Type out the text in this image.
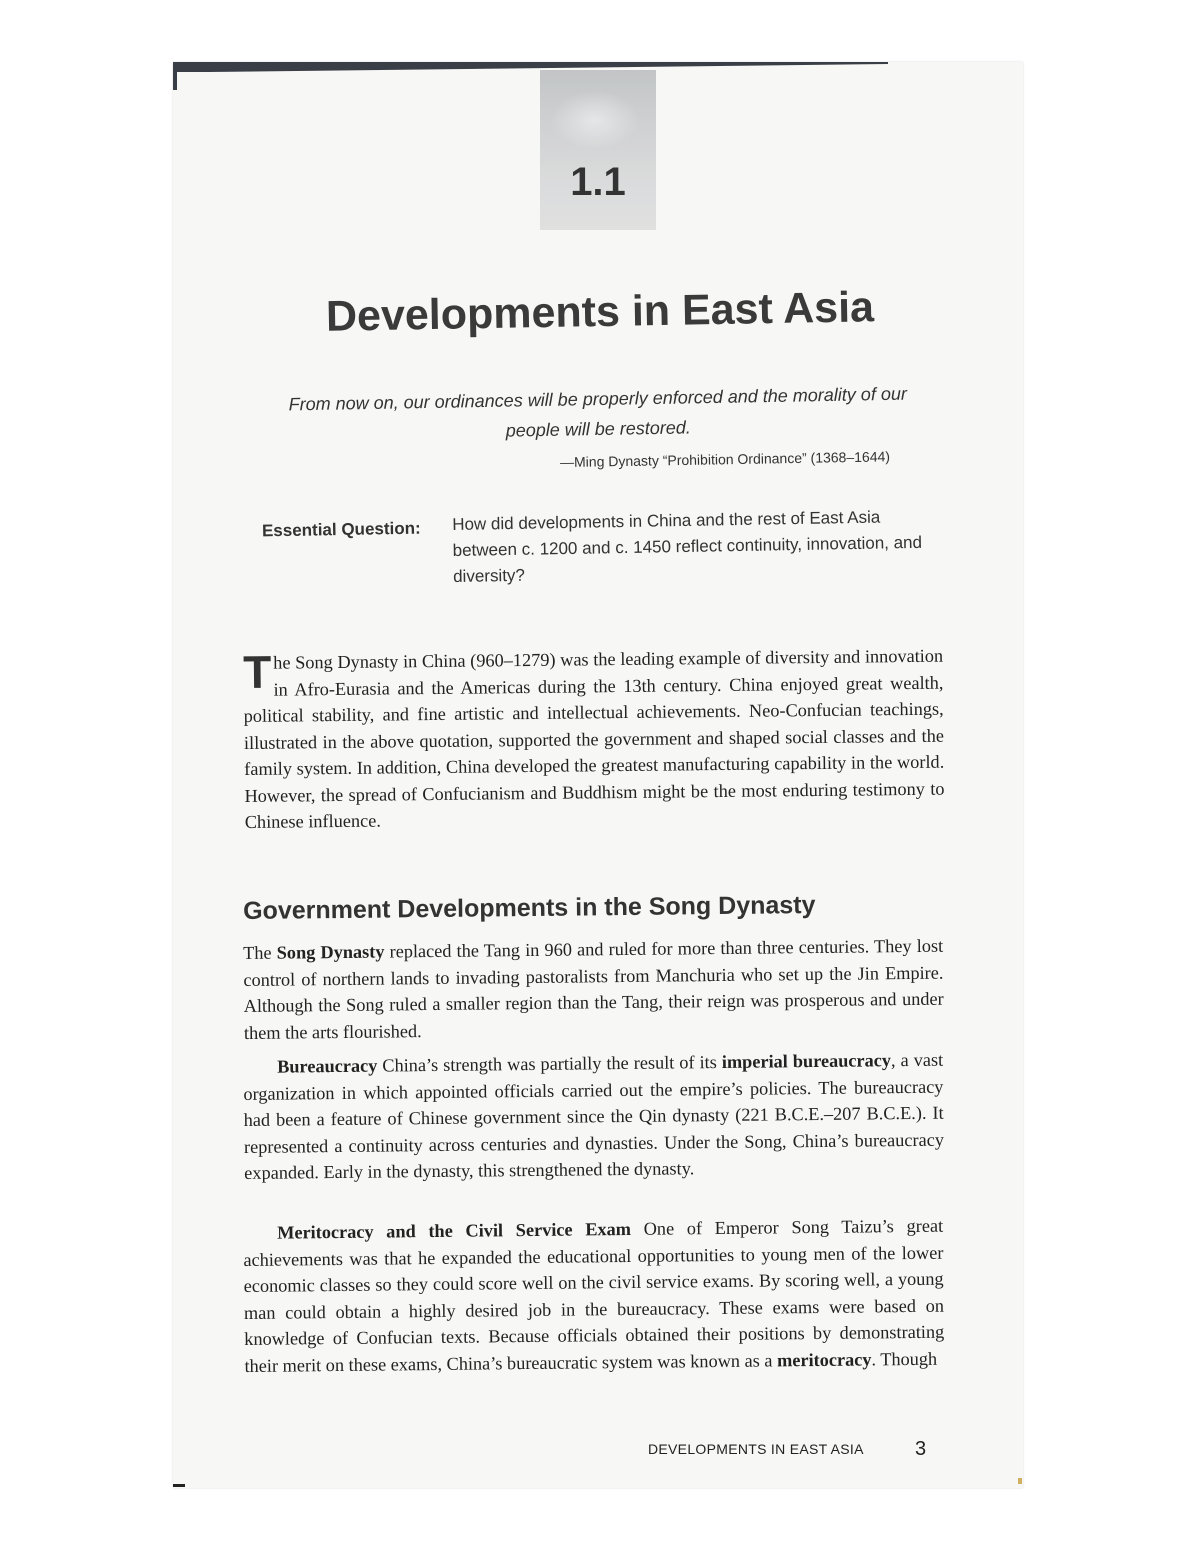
1.1
Developments in East Asia
From now on, our ordinances will be properly enforced and the morality of our
people will be restored.
—Ming Dynasty “Prohibition Ordinance” (1368–1644)
Essential Question: How did developments in China and the rest of East Asia between c. 1200 and c. 1450 reflect continuity, innovation, and diversity?
The Song Dynasty in China (960–1279) was the leading example of diversity and innovation in Afro-Eurasia and the Americas during the 13th century. China enjoyed great wealth, political stability, and fine artistic and intellectual achievements. Neo-Confucian teachings, illustrated in the above quotation, supported the government and shaped social classes and the family system. In addition, China developed the greatest manufacturing capability in the world. However, the spread of Confucianism and Buddhism might be the most enduring testimony to Chinese influence.
Government Developments in the Song Dynasty
The Song Dynasty replaced the Tang in 960 and ruled for more than three centuries. They lost control of northern lands to invading pastoralists from Manchuria who set up the Jin Empire. Although the Song ruled a smaller region than the Tang, their reign was prosperous and under them the arts flourished.
Bureaucracy China’s strength was partially the result of its imperial bureaucracy, a vast organization in which appointed officials carried out the empire’s policies. The bureaucracy had been a feature of Chinese government since the Qin dynasty (221 B.C.E.–207 B.C.E.). It represented a continuity across centuries and dynasties. Under the Song, China’s bureaucracy expanded. Early in the dynasty, this strengthened the dynasty.
Meritocracy and the Civil Service Exam One of Emperor Song Taizu’s great achievements was that he expanded the educational opportunities to young men of the lower economic classes so they could score well on the civil service exams. By scoring well, a young man could obtain a highly desired job in the bureaucracy. These exams were based on knowledge of Confucian texts. Because officials obtained their positions by demonstrating their merit on these exams, China’s bureaucratic system was known as a meritocracy. Though
DEVELOPMENTS IN EAST ASIA	3
